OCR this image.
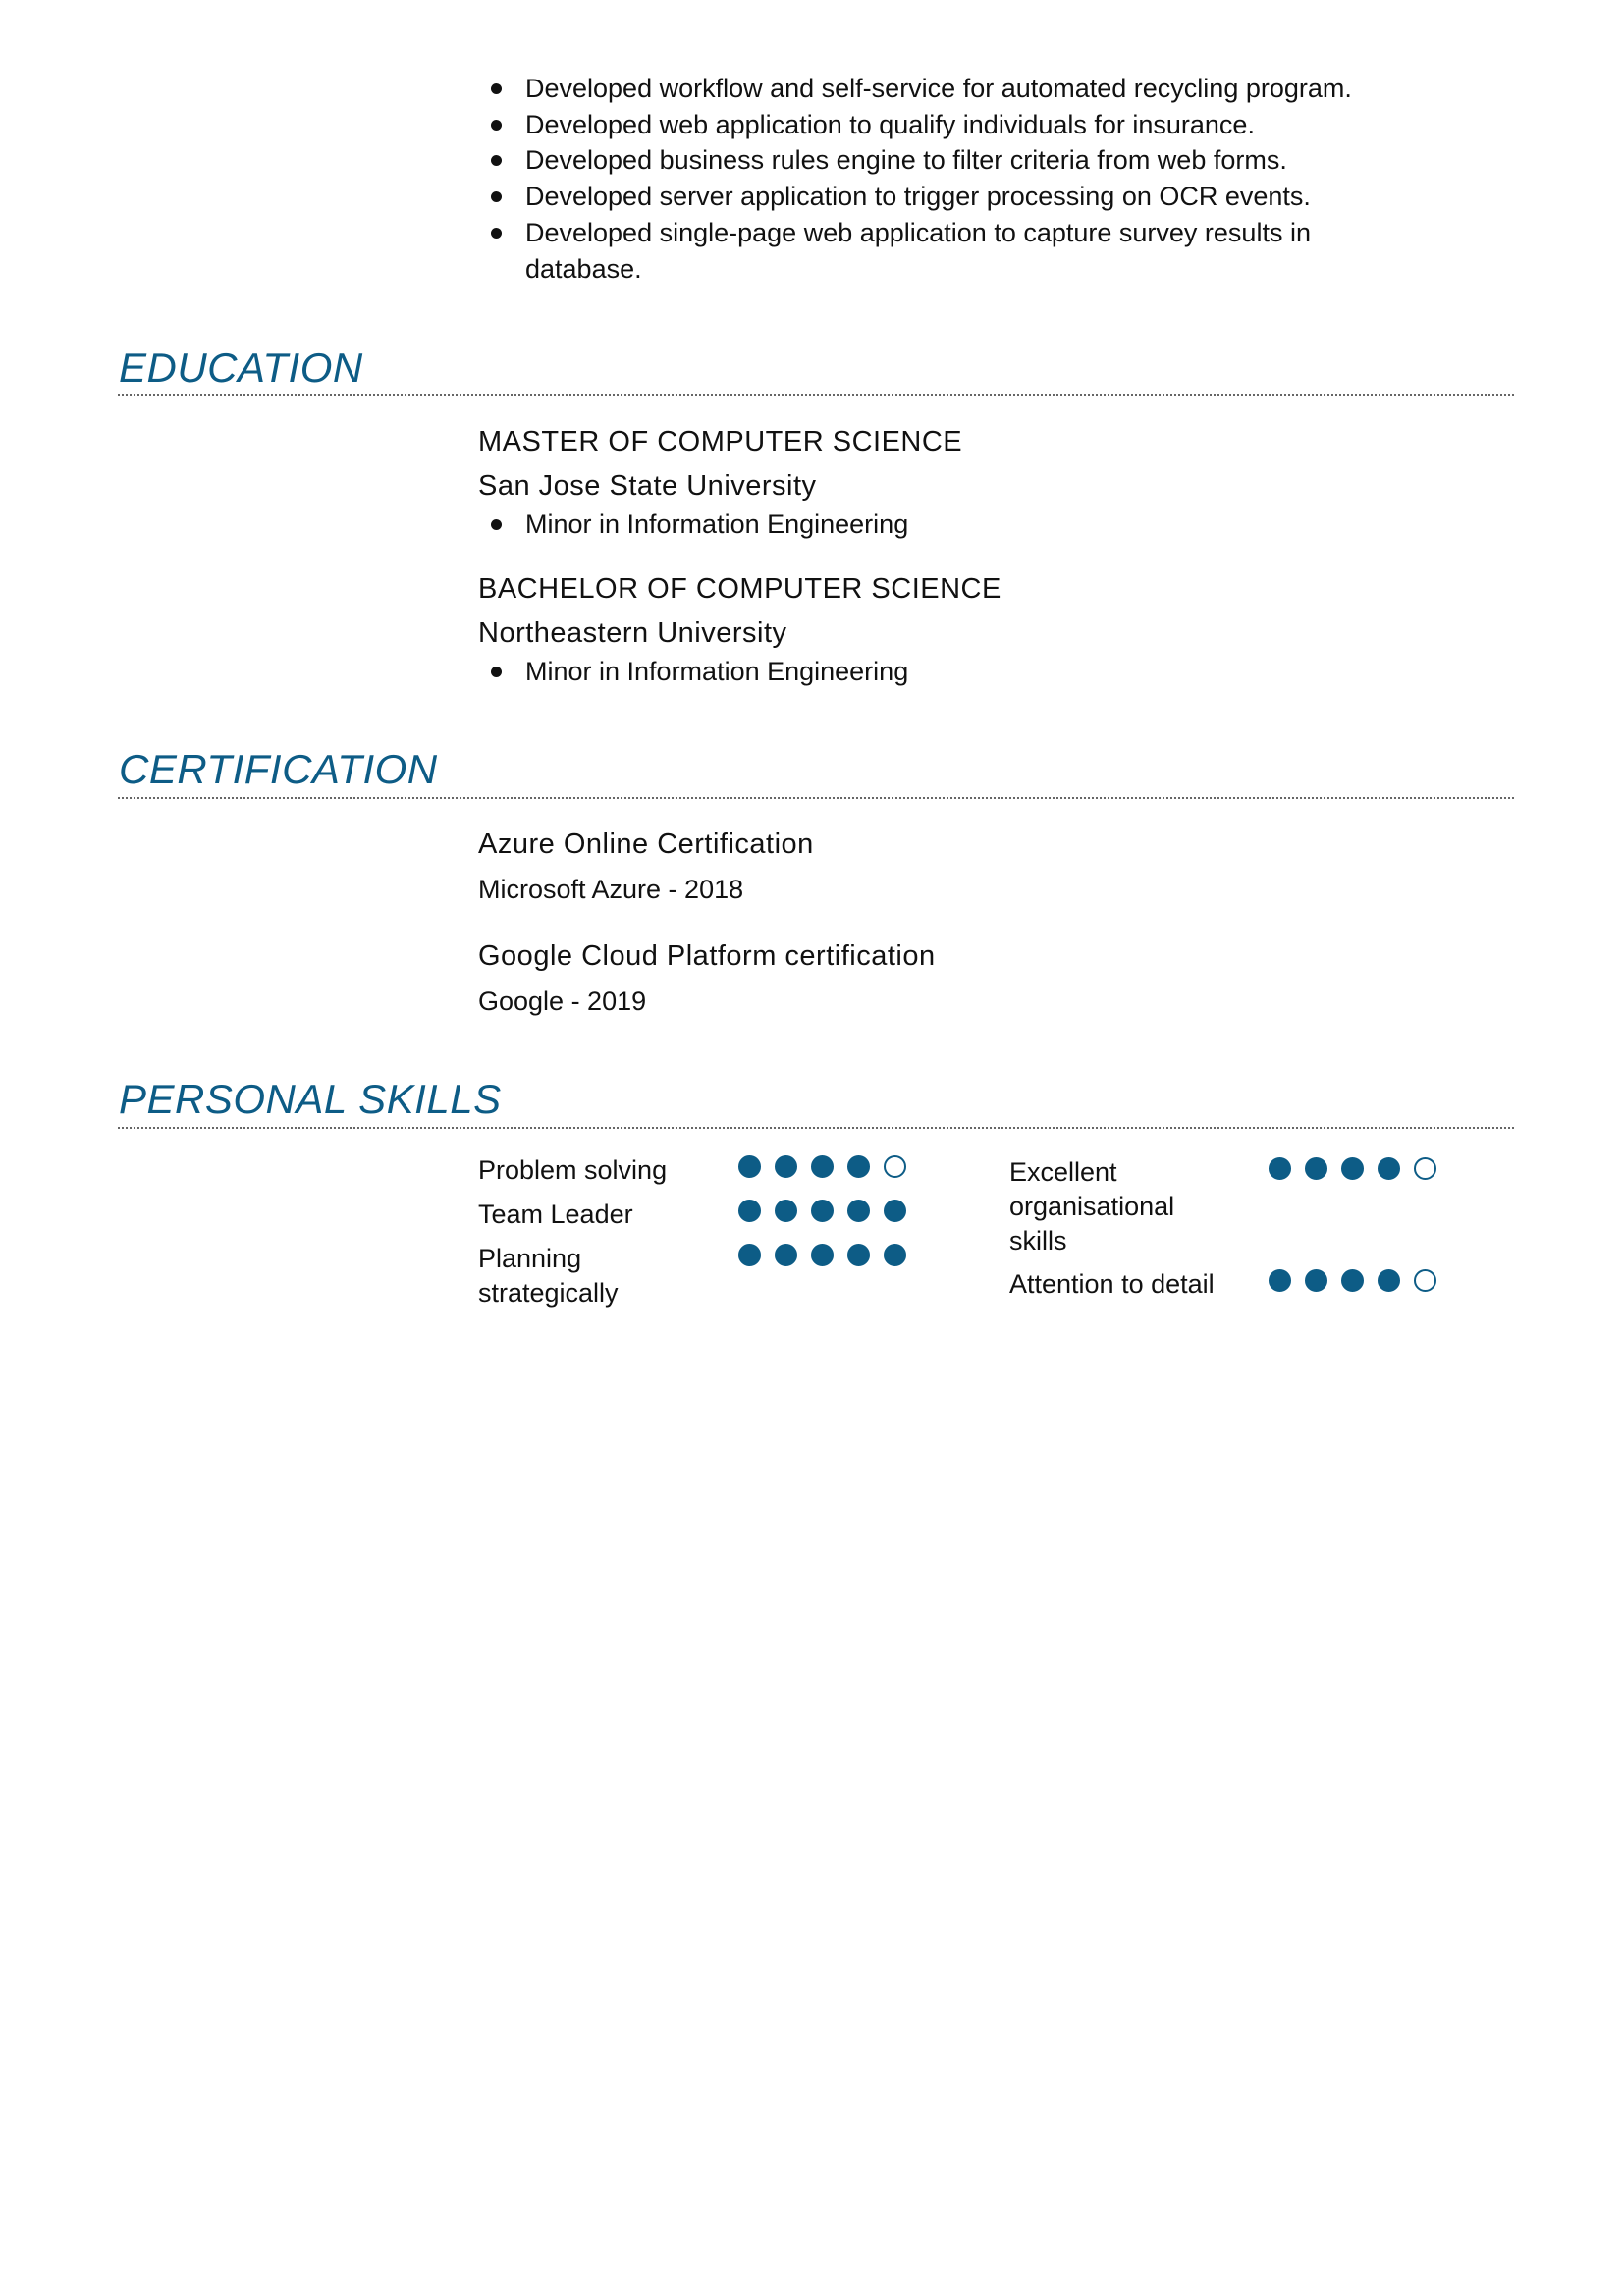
Developed workflow and self-service for automated recycling program.
Developed web application to qualify individuals for insurance.
Developed business rules engine to filter criteria from web forms.
Developed server application to trigger processing on OCR events.
Developed single-page web application to capture survey results in
database.
EDUCATION
MASTER OF COMPUTER SCIENCE
San Jose State University
Minor in Information Engineering
BACHELOR OF COMPUTER SCIENCE
Northeastern University
Minor in Information Engineering
CERTIFICATION
Azure Online Certification
Microsoft Azure - 2018
Google Cloud Platform certification
Google - 2019
PERSONAL SKILLS
Problem solving
Team Leader
Planning
strategically
Excellent
organisational
skills
Attention to detail
